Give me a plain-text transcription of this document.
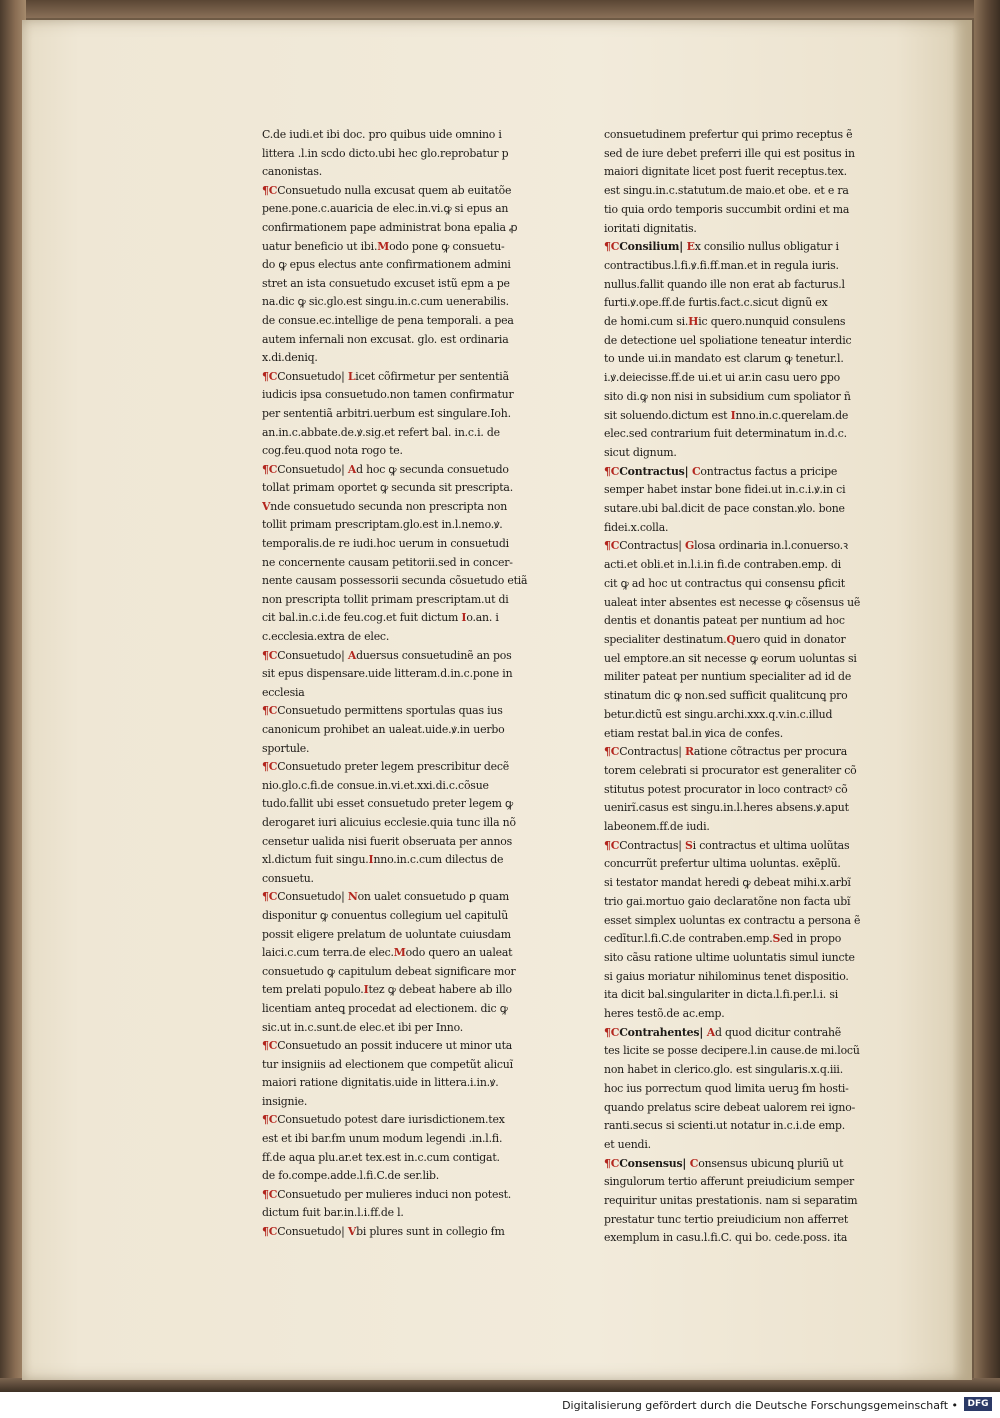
C.de iudi.et ibi doc. pro quibus uide omnino i
littera .l.in scdo dicto.ubi hec glo.reprobatur p
canonistas.
¶CConsuetudo nulla excusat quem ab euitatõe
pene.pone.c.auaricia de elec.in.vi.ꝙ si epus an
confirmationem pape administrat bona epalia ꝓ
uatur beneficio ut ibi.Modo pone ꝙ consuetu-
do ꝙ epus electus ante confirmationem admini
stret an ista consuetudo excuset istũ epm a pe
na.dic ꝙ sic.glo.est singu.in.c.cum uenerabilis.
de consue.ec.intellige de pena temporali. a pea
autem infernali non excusat. glo. est ordinaria
x.di.deniq.
¶CConsuetudo| Licet cõfirmetur per sententiã
iudicis ipsa consuetudo.non tamen confirmatur
per sententiã arbitri.uerbum est singulare.Ioh.
an.in.c.abbate.de.ꝟ.sig.et refert bal. in.c.i. de
cog.feu.quod nota rogo te.
¶CConsuetudo| Ad hoc ꝙ secunda consuetudo
tollat primam oportet ꝙ secunda sit prescripta.
Vnde consuetudo secunda non prescripta non
tollit primam prescriptam.glo.est in.l.nemo.ꝟ.
temporalis.de re iudi.hoc uerum in consuetudi
ne concernente causam petitorii.sed in concer-
nente causam possessorii secunda cõsuetudo etiã
non prescripta tollit primam prescriptam.ut di
cit bal.in.c.i.de feu.cog.et fuit dictum Io.an. i
c.ecclesia.extra de elec.
¶CConsuetudo| Aduersus consuetudinẽ an pos
sit epus dispensare.uide litteram.d.in.c.pone in
ecclesia
¶CConsuetudo permittens sportulas quas ius
canonicum prohibet an ualeat.uide.ꝟ.in uerbo
sportule.
¶CConsuetudo preter legem prescribitur decẽ
nio.glo.c.fi.de consue.in.vi.et.xxi.di.c.cõsue
tudo.fallit ubi esset consuetudo preter legem ꝙ
derogaret iuri alicuius ecclesie.quia tunc illa nõ
censetur ualida nisi fuerit obseruata per annos
xl.dictum fuit singu.Inno.in.c.cum dilectus de
consuetu.
¶CConsuetudo| Non ualet consuetudo ꝑ quam
disponitur ꝙ conuentus collegium uel capitulũ
possit eligere prelatum de uoluntate cuiusdam
laici.c.cum terra.de elec.Modo quero an ualeat
consuetudo ꝙ capitulum debeat significare mor
tem prelati populo.Itez ꝙ debeat habere ab illo
licentiam anteꝗ procedat ad electionem. dic ꝙ
sic.ut in.c.sunt.de elec.et ibi per Inno.
¶CConsuetudo an possit inducere ut minor uta
tur insigniis ad electionem que competũt alicuĩ
maiori ratione dignitatis.uide in littera.i.in.ꝟ.
insignie.
¶CConsuetudo potest dare iurisdictionem.tex
est et ibi bar.ẜm unum modum legendi .in.l.fi.
ff.de aqua plu.ar.et tex.est in.c.cum contigat.
de fo.compe.adde.l.fi.C.de ser.lib.
¶CConsuetudo per mulieres induci non potest.
dictum fuit bar.in.l.i.ff.de l.
¶CConsuetudo| Vbi plures sunt in collegio ẜm
consuetudinem prefertur qui primo receptus ẽ
sed de iure debet preferri ille qui est positus in
maiori dignitate licet post fuerit receptus.tex.
est singu.in.c.statutum.de maio.et obe. et e ra
tio quia ordo temporis succumbit ordini et ma
ioritati dignitatis.
¶CConsilium| Ex consilio nullus obligatur i
contractibus.l.fi.ꝟ.fi.ff.man.et in regula iuris.
nullus.fallit quando ille non erat ab facturus.l
furti.ꝟ.ope.ff.de furtis.fact.c.sicut dignũ ex
de homi.cum si.Hic quero.nunquid consulens
de detectione uel spoliatione teneatur interdic
to unde ui.in mandato est clarum ꝙ tenetur.l.
i.ꝟ.deiecisse.ff.de ui.et ui ar.in casu uero ꝑpo
sito di.ꝙ non nisi in subsidium cum spoliator ñ
sit soluendo.dictum est Inno.in.c.querelam.de
elec.sed contrarium fuit determinatum in.d.c.
sicut dignum.
¶CContractus| Contractus factus a pricipe
semper habet instar bone fidei.ut in.c.i.ꝟ.in ci
sutare.ubi bal.dicit de pace constan.ꝟlo. bone
fidei.x.colla.
¶CContractus| Glosa ordinaria in.l.conuerso.ꝛ
acti.et obli.et in.l.i.in fi.de contraben.emp. di
cit ꝙ ad hoc ut contractus qui consensu ꝑficit
ualeat inter absentes est necesse ꝙ cõsensus uẽ
dentis et donantis pateat per nuntium ad hoc
specialiter destinatum.Quero quid in donator
uel emptore.an sit necesse ꝙ eorum uoluntas si
militer pateat per nuntium specialiter ad id de
stinatum dic ꝙ non.sed sufficit qualitcunꝗ pro
betur.dictũ est singu.archi.xxx.q.v.in.c.illud
etiam restat bal.in ꝟica de confes.
¶CContractus| Ratione cõtractus per procura
torem celebrati si procurator est generaliter cõ
stitutus potest procurator in loco contractꝰ cõ
uenirĩ.casus est singu.in.l.heres absens.ꝟ.aput
labeonem.ff.de iudi.
¶CContractus| Si contractus et ultima uolũtas
concurrũt prefertur ultima uoluntas. exẽplũ.
si testator mandat heredi ꝙ debeat mihi.x.arbĩ
trio gai.mortuo gaio declaratõne non facta ubĩ
esset simplex uoluntas ex contractu a persona ẽ
cedītur.l.fi.C.de contraben.emp.Sed in propo
sito cãsu ratione ultime uoluntatis simul iuncte
si gaius moriatur nihilominus tenet dispositio.
ita dicit bal.singulariter in dicta.l.fi.per.l.i. si
heres testõ.de ac.emp.
¶CContrahentes| Ad quod dicitur contrahẽ
tes licite se posse decipere.l.in cause.de mi.locũ
non habet in clerico.glo. est singularis.x.q.iii.
hoc ius porrectum quod limita ueruꝫ ẜm hosti-
quando prelatus scire debeat ualorem rei igno-
ranti.secus si scienti.ut notatur in.c.i.de emp.
et uendi.
¶CConsensus| Consensus ubicunꝗ pluriũ ut
singulorum tertio afferunt preiudicium semper
requiritur unitas prestationis. nam si separatim
prestatur tunc tertio preiudicium non afferret
exemplum in casu.l.fi.C. qui bo. cede.poss. ita
Digitalisierung gefördert durch die Deutsche Forschungsgemeinschaft •	DFG
